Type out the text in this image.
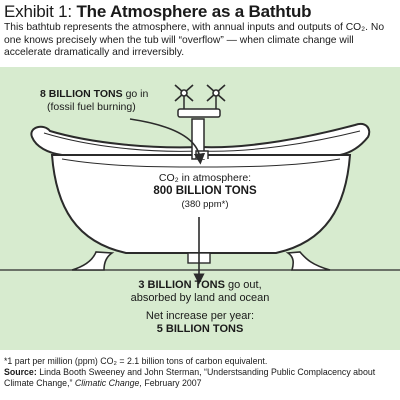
Exhibit 1: The Atmosphere as a Bathtub
This bathtub represents the atmosphere, with annual inputs and outputs of CO₂. No one knows precisely when the tub will “overflow” — when climate change will accelerate dramatically and irreversibly.
8 BILLION TONS go in
(fossil fuel burning)
CO₂ in atmosphere:
800 BILLION TONS
(380 ppm*)
3 BILLION TONS go out,
absorbed by land and ocean
Net increase per year:
5 BILLION TONS
*1 part per million (ppm) CO₂ = 2.1 billion tons of carbon equivalent.
Source: Linda Booth Sweeney and John Sterman, “Understsanding Public Complacency about Climate Change,” Climatic Change, February 2007
